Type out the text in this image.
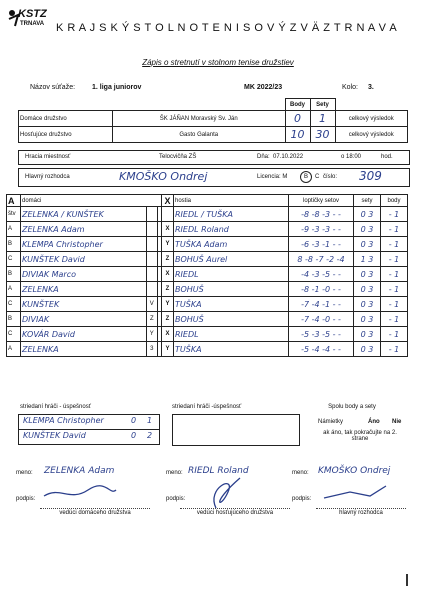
KSTZ
TRNAVA K R A J S K Ý S T O L N O T E N I S O V Ý Z V Ä Z T R N A V A
Zápis o stretnutí v stolnom tenise družstiev
Názov súťaže: 1. liga juniorov	MK 2022/23	Kolo: 3.
		Body	Sety	
Domáce družstvo	ŠK JÁŇAN Moravský Sv. Ján	0	1	celkový výsledok
Hosťujúce družstvo	Gasto Galanta	10	30	celkový výsledok
Hracia miestnosť	Telocvičňa ZŠ	Dňa: 07.10.2022	o 18:00	hod.
Hlavný rozhodca	KMOŠKO Ondrej	Licencia: M	B	C číslo: 309
A	domáci			X	hostia	loptičky setov	sety	body
štv	ZELENKA / KUNŠTEK				RIEDL / TUŠKA	-8 -8 -3 - -	0 3	- 1
A	ZELENKA Adam			X	RIEDL Roland	-9 -3 -3 - -	0 3	- 1
B	KLEMPA Christopher			Y	TUŠKA Adam	-6 -3 -1 - -	0 3	- 1
C	KUNŠTEK David			Z	BOHUŠ Aurel	8 -8 -7 -2 -4	1 3	- 1
B	DIVIAK Marco			X	RIEDL	-4 -3 -5 - -	0 3	- 1
A	ZELENKA			Z	BOHUŠ	-8 -1 -0 - -	0 3	- 1
C	KUNŠTEK	V		Y	TUŠKA	-7 -4 -1 - -	0 3	- 1
B	DIVIAK	Z		Z	BOHUŠ	-7 -4 -0 - -	0 3	- 1
C	KOVÁR David	Y		X	RIEDL	-5 -3 -5 - -	0 3	- 1
A	ZELENKA	3		Y	TUŠKA	-5 -4 -4 - -	0 3	- 1
striedaní hráči - úspešnosť	striedaní hráči -úspešnosť	Spolu body a sety
KLEMPA Christopher	0 1
KUNŠTEK David	0 2
Námietky	Áno Nie
ak áno, tak pokračujte na 2. strane
meno: ZELENKA Adam	meno: RIEDL Roland	meno: KMOŠKO Ondrej
podpis:	podpis:	podpis:
vedúci domáceho družstva	vedúci hosťujúceho družstva	hlavný rozhodca
